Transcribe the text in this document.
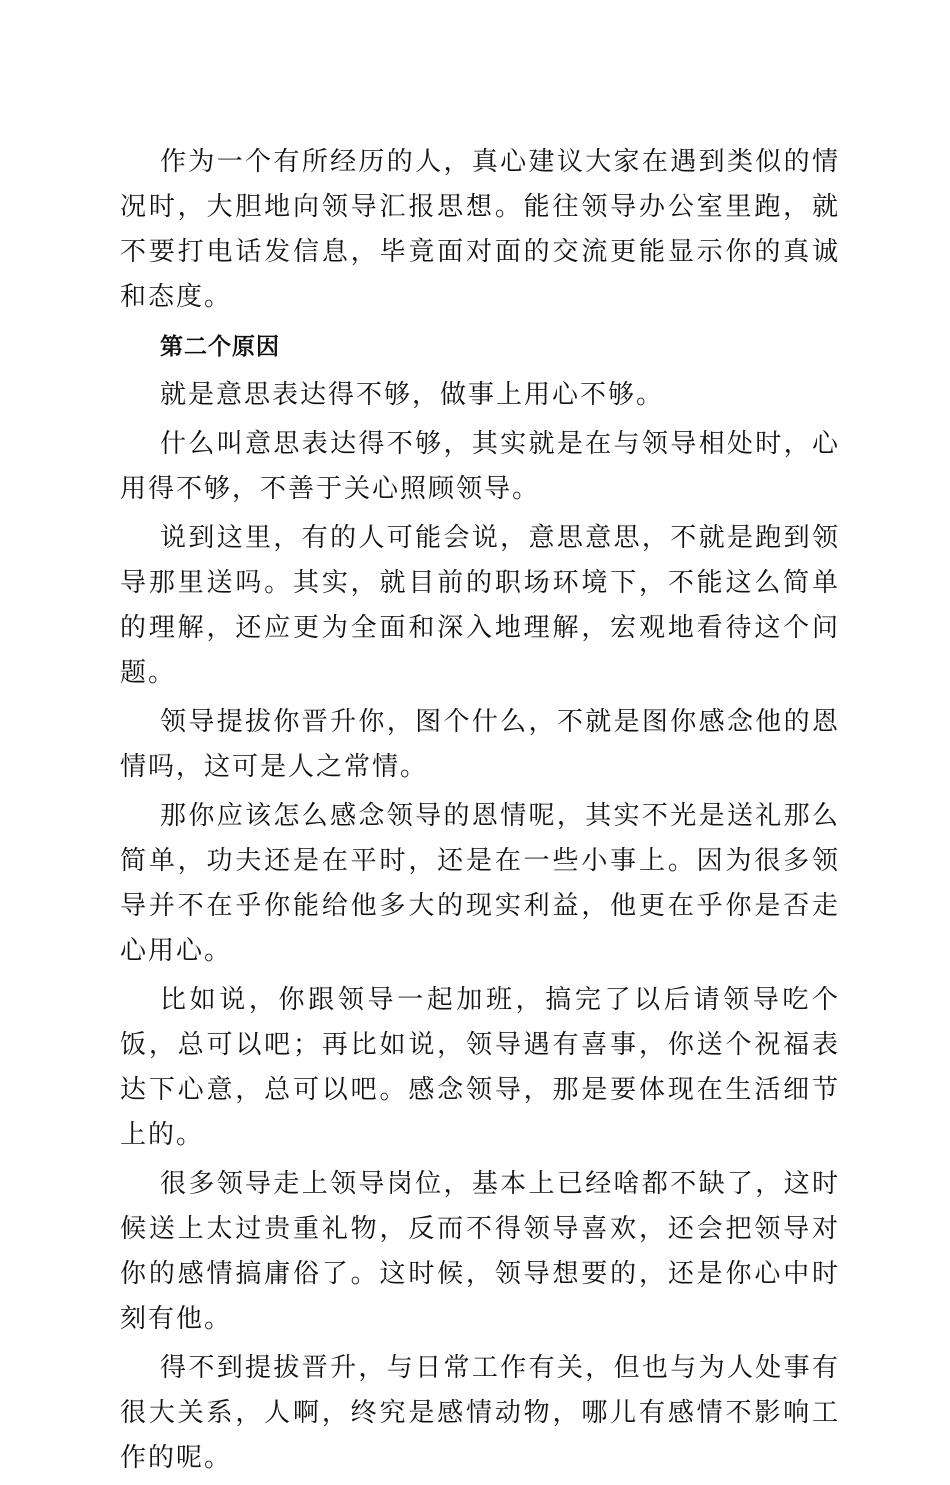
作为一个有所经历的人，真心建议大家在遇到类似的情况时，大胆地向领导汇报思想。能往领导办公室里跑，就不要打电话发信息，毕竟面对面的交流更能显示你的真诚和态度。

第二个原因

就是意思表达得不够，做事上用心不够。

什么叫意思表达得不够，其实就是在与领导相处时，心用得不够，不善于关心照顾领导。

说到这里，有的人可能会说，意思意思，不就是跑到领导那里送吗。其实，就目前的职场环境下，不能这么简单的理解，还应更为全面和深入地理解，宏观地看待这个问题。

领导提拔你晋升你，图个什么，不就是图你感念他的恩情吗，这可是人之常情。

那你应该怎么感念领导的恩情呢，其实不光是送礼那么简单，功夫还是在平时，还是在一些小事上。因为很多领导并不在乎你能给他多大的现实利益，他更在乎你是否走心用心。

比如说，你跟领导一起加班，搞完了以后请领导吃个饭，总可以吧；再比如说，领导遇有喜事，你送个祝福表达下心意，总可以吧。感念领导，那是要体现在生活细节上的。

很多领导走上领导岗位，基本上已经啥都不缺了，这时候送上太过贵重礼物，反而不得领导喜欢，还会把领导对你的感情搞庸俗了。这时候，领导想要的，还是你心中时刻有他。

得不到提拔晋升，与日常工作有关，但也与为人处事有很大关系，人啊，终究是感情动物，哪儿有感情不影响工作的呢。
